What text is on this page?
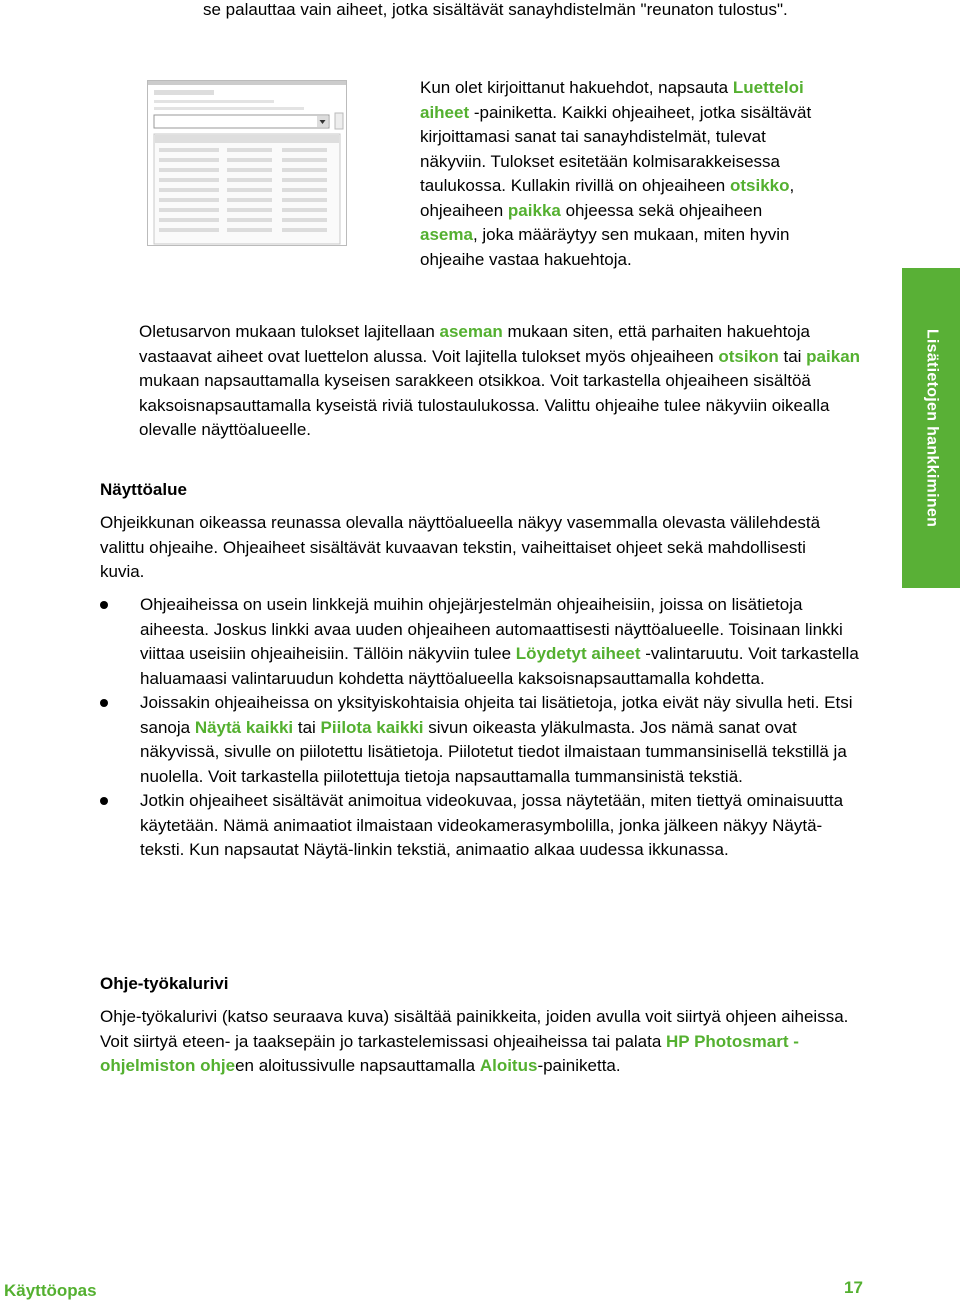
se palauttaa vain aiheet, jotka sisältävät sanayhdistelmän "reunaton tulostus".

Kun olet kirjoittanut hakuehdot, napsauta Luetteloi aiheet -painiketta. Kaikki ohjeaiheet, jotka sisältävät kirjoittamasi sanat tai sanayhdistelmät, tulevat näkyviin. Tulokset esitetään kolmisarakkeisessa taulukossa. Kullakin rivillä on ohjeaiheen otsikko, ohjeaiheen paikka ohjeessa sekä ohjeaiheen asema, joka määräytyy sen mukaan, miten hyvin ohjeaihe vastaa hakuehtoja.

Oletusarvon mukaan tulokset lajitellaan aseman mukaan siten, että parhaiten hakuehtoja vastaavat aiheet ovat luettelon alussa. Voit lajitella tulokset myös ohjeaiheen otsikon tai paikan mukaan napsauttamalla kyseisen sarakkeen otsikkoa. Voit tarkastella ohjeaiheen sisältöä kaksoisnapsauttamalla kyseistä riviä tulostaulukossa. Valittu ohjeaihe tulee näkyviin oikealla olevalle näyttöalueelle.

Näyttöalue

Ohjeikkunan oikeassa reunassa olevalla näyttöalueella näkyy vasemmalla olevasta välilehdestä valittu ohjeaihe. Ohjeaiheet sisältävät kuvaavan tekstin, vaiheittaiset ohjeet sekä mahdollisesti kuvia.

Ohjeaiheissa on usein linkkejä muihin ohjejärjestelmän ohjeaiheisiin, joissa on lisätietoja aiheesta. Joskus linkki avaa uuden ohjeaiheen automaattisesti näyttöalueelle. Toisinaan linkki viittaa useisiin ohjeaiheisiin. Tällöin näkyviin tulee Löydetyt aiheet -valintaruutu. Voit tarkastella haluamaasi valintaruudun kohdetta näyttöalueella kaksoisnapsauttamalla kohdetta.
Joissakin ohjeaiheissa on yksityiskohtaisia ohjeita tai lisätietoja, jotka eivät näy sivulla heti. Etsi sanoja Näytä kaikki tai Piilota kaikki sivun oikeasta yläkulmasta. Jos nämä sanat ovat näkyvissä, sivulle on piilotettu lisätietoja. Piilotetut tiedot ilmaistaan tummansinisellä tekstillä ja nuolella. Voit tarkastella piilotettuja tietoja napsauttamalla tummansinistä tekstiä.
Jotkin ohjeaiheet sisältävät animoitua videokuvaa, jossa näytetään, miten tiettyä ominaisuutta käytetään. Nämä animaatiot ilmaistaan videokamerasymbolilla, jonka jälkeen näkyy Näytä-teksti. Kun napsautat Näytä-linkin tekstiä, animaatio alkaa uudessa ikkunassa.
Ohje-työkalurivi

Ohje-työkalurivi (katso seuraava kuva) sisältää painikkeita, joiden avulla voit siirtyä ohjeen aiheissa. Voit siirtyä eteen- ja taaksepäin jo tarkastelemissasi ohjeaiheissa tai palata HP Photosmart -ohjelmiston ohjeen aloitussivulle napsauttamalla Aloitus-painiketta.

Lisätietojen hankkiminen
Käyttöopas	17
